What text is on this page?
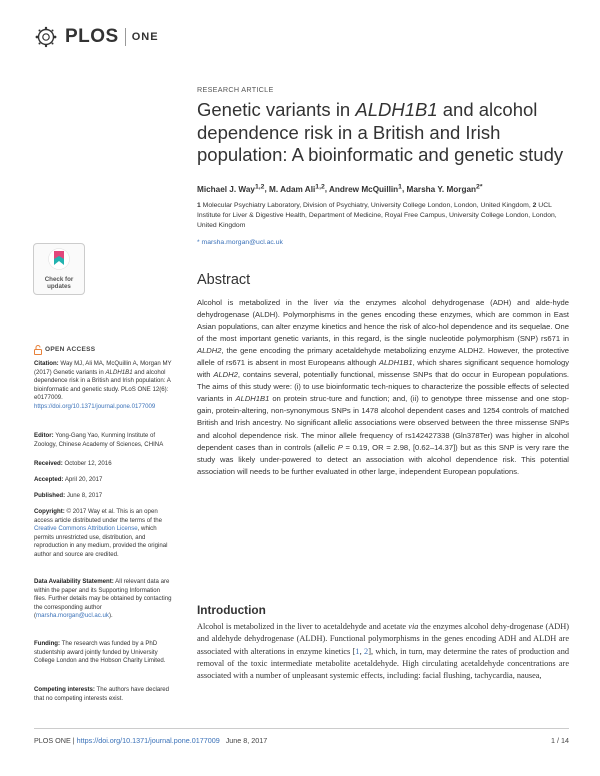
PLOS ONE
Check for
updates
RESEARCH ARTICLE
Genetic variants in ALDH1B1 and alcohol dependence risk in a British and Irish population: A bioinformatic and genetic study
Michael J. Way$^{1,2}$, M. Adam Ali$^{1,2}$, Andrew McQuillin$^1$, Marsha Y. Morgan$^{2*}$
1 Molecular Psychiatry Laboratory, Division of Psychiatry, University College London, London, United Kingdom, 2 UCL Institute for Liver & Digestive Health, Department of Medicine, Royal Free Campus, University College London, London, United Kingdom
* marsha.morgan@ucl.ac.uk
Abstract

Alcohol is metabolized in the liver via the enzymes alcohol dehydrogenase (ADH) and alde-hyde dehydrogenase (ALDH). Polymorphisms in the genes encoding these enzymes, which are common in East Asian populations, can alter enzyme kinetics and hence the risk of alco-hol dependence and its sequelae. One of the most important genetic variants, in this regard, is the single nucleotide polymorphism (SNP) rs671 in ALDH2, the gene encoding the primary acetaldehyde metabolizing enzyme ALDH2. However, the protective allele of rs671 is absent in most Europeans although ALDH1B1, which shares significant sequence homology with ALDH2, contains several, potentially functional, missense SNPs that do occur in European populations. The aims of this study were: (i) to use bioinformatic tech-niques to characterize the possible effects of selected variants in ALDH1B1 on protein struc-ture and function; and, (ii) to genotype three missense and one stop-gain, protein-altering, non-synonymous SNPs in 1478 alcohol dependent cases and 1254 controls of matched British and Irish ancestry. No significant allelic associations were observed between the three missense SNPs and alcohol dependence risk. The minor allele frequency of rs142427338 (Gln378Ter) was higher in alcohol dependent cases than in controls (allelic P = 0.19, OR = 2.98, [0.62–14.37]) but as this SNP is very rare the study was likely under-powered to detect an association with alcohol dependence risk. This potential association will needs to be further evaluated in other large, independent European populations.

Introduction

Alcohol is metabolized in the liver to acetaldehyde and acetate via the enzymes alcohol dehy-drogenase (ADH) and aldehyde dehydrogenase (ALDH). Functional polymorphisms in the genes encoding ADH and ALDH are associated with alterations in enzyme kinetics [1, 2], which, in turn, may determine the rates of production and removal of the toxic intermediate metabolite acetaldehyde. High circulating acetaldehyde concentrations are associated with a number of unpleasant systemic effects, including: facial flushing, tachycardia, nausea,

OPEN ACCESS
Citation: Way MJ, Ali MA, McQuillin A, Morgan MY (2017) Genetic variants in ALDH1B1 and alcohol dependence risk in a British and Irish population: A bioinformatic and genetic study. PLoS ONE 12(6): e0177009. https://doi.org/10.1371/journal.pone.0177009
Editor: Yong-Gang Yao, Kunming Institute of Zoology, Chinese Academy of Sciences, CHINA
Received: October 12, 2016
Accepted: April 20, 2017
Published: June 8, 2017
Copyright: © 2017 Way et al. This is an open access article distributed under the terms of the Creative Commons Attribution License, which permits unrestricted use, distribution, and reproduction in any medium, provided the original author and source are credited.
Data Availability Statement: All relevant data are within the paper and its Supporting Information files. Further details may be obtained by contacting the corresponding author (marsha.morgan@ucl.ac.uk).
Funding: The research was funded by a PhD studentship award jointly funded by University College London and the Hobson Charity Limited.
Competing interests: The authors have declared that no competing interests exist.
PLOS ONE | https://doi.org/10.1371/journal.pone.0177009 June 8, 2017	1 / 14
